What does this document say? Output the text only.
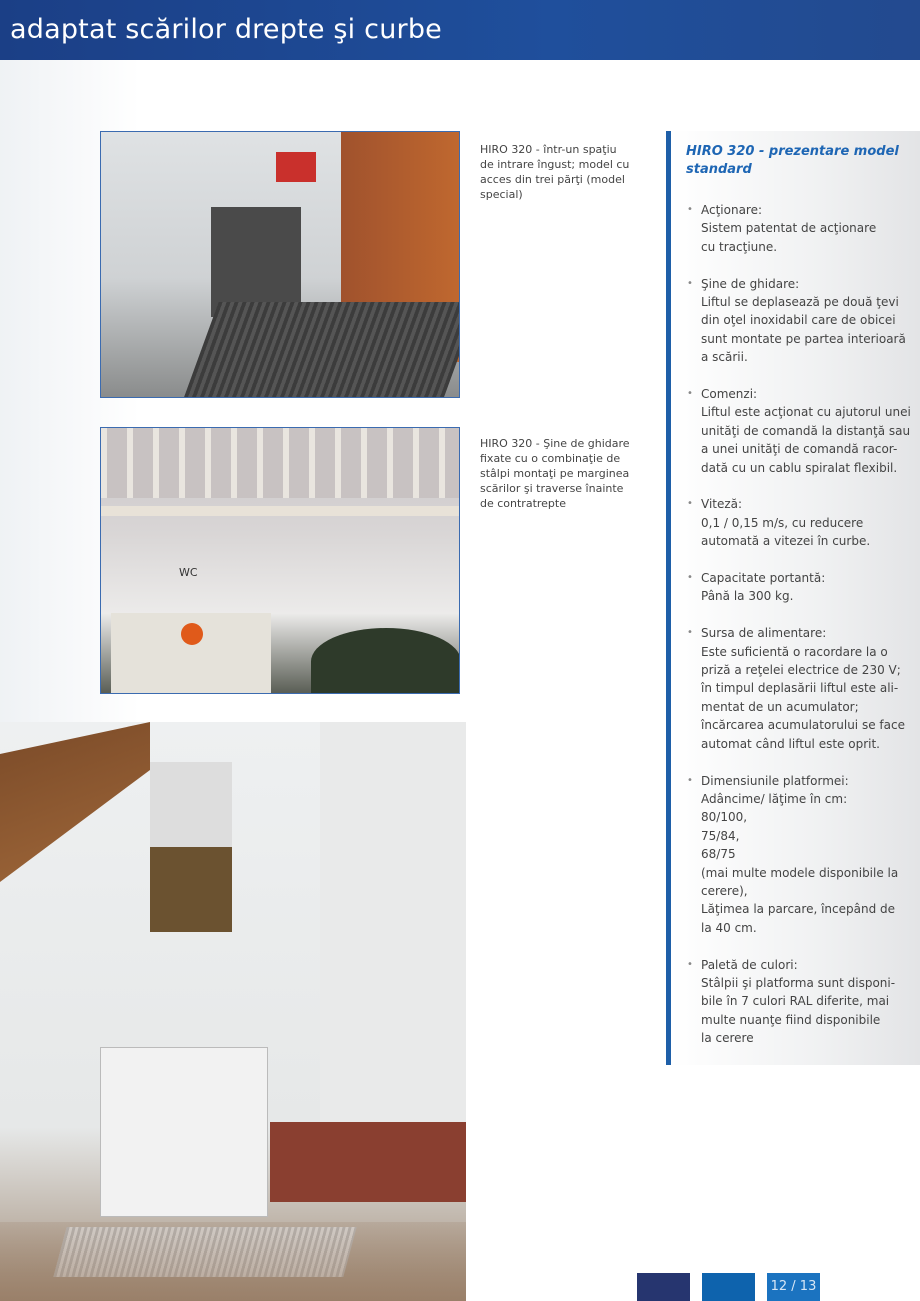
adaptat scărilor drepte şi curbe
HIRO 320 - într-un spaţiu de intrare îngust; model cu acces din trei părţi (model special)
WC
HIRO 320 - Şine de ghidare fixate cu o combinaţie de stâlpi montaţi pe marginea scărilor şi traverse înainte de contratrepte
HIRO 320 - prezentare model standard
• Acţionare:
Sistem patentat de acţionare
cu tracţiune.
• Şine de ghidare:
Liftul se deplasează pe două ţevi
din oţel inoxidabil care de obicei
sunt montate pe partea interioară
a scării.
• Comenzi:
Liftul este acţionat cu ajutorul unei
unităţi de comandă la distanţă sau
a unei unităţi de comandă racor-
dată cu un cablu spiralat flexibil.
• Viteză:
0,1 / 0,15 m/s, cu reducere
automată a vitezei în curbe.
• Capacitate portantă:
Până la 300 kg.
• Sursa de alimentare:
Este suficientă o racordare la o
priză a reţelei electrice de 230 V;
în timpul deplasării liftul este ali-
mentat de un acumulator;
încărcarea acumulatorului se face
automat când liftul este oprit.
• Dimensiunile platformei:
Adâncime/ lăţime în cm:
80/100,
75/84,
68/75
(mai multe modele disponibile la
cerere),
Lăţimea la parcare, începând de
la 40 cm.
• Paletă de culori:
Stâlpii şi platforma sunt disponi-
bile în 7 culori RAL diferite, mai
multe nuanţe fiind disponibile
la cerere
12 / 13
